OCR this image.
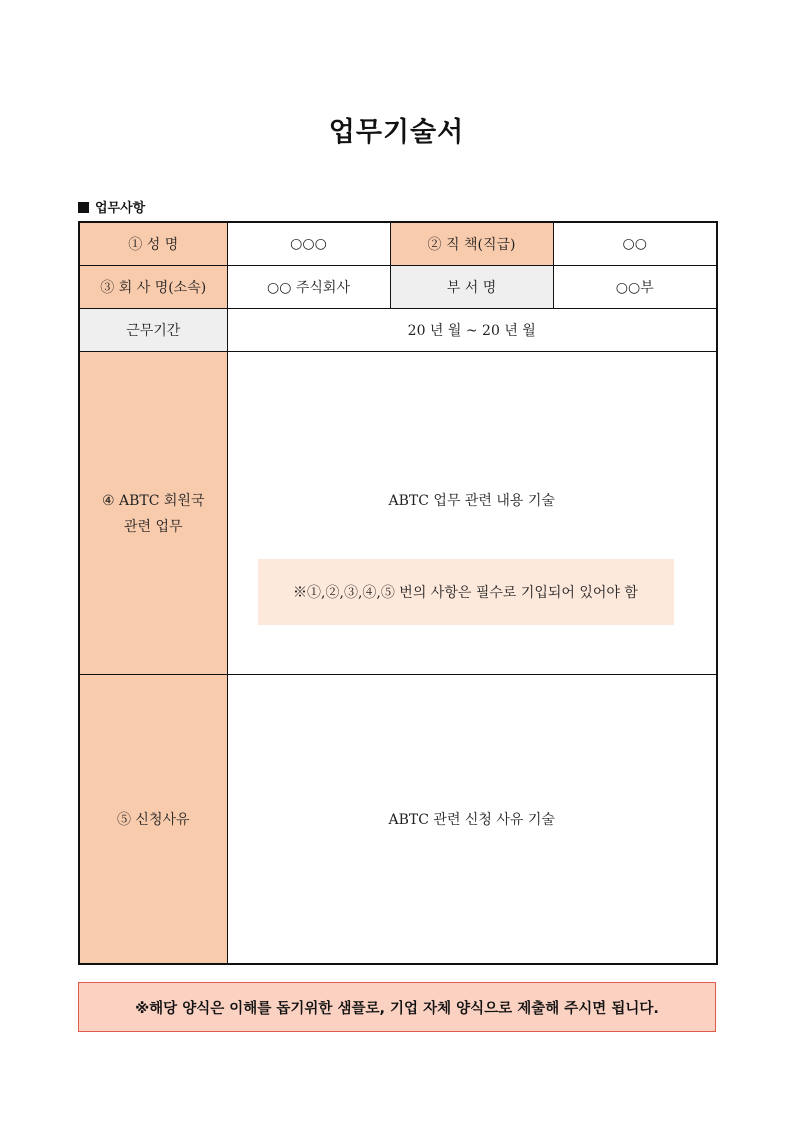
업무기술서
업무사항
① 성 명	○○○	② 직 책(직급)	○○
③ 회 사 명(소속)	○○ 주식회사	부 서 명	○○부
근무기간	20 년 월 ~ 20 년 월		

④ ABTC 회원국
관련 업무	ABTC 업무 관련 내용 기술
※①,②,③,④,⑤ 번의 사항은 필수로 기입되어 있어야 함		

⑤ 신청사유	ABTC 관련 신청 사유 기술		
※해당 양식은 이해를 돕기위한 샘플로, 기업 자체 양식으로 제출해 주시면 됩니다.
